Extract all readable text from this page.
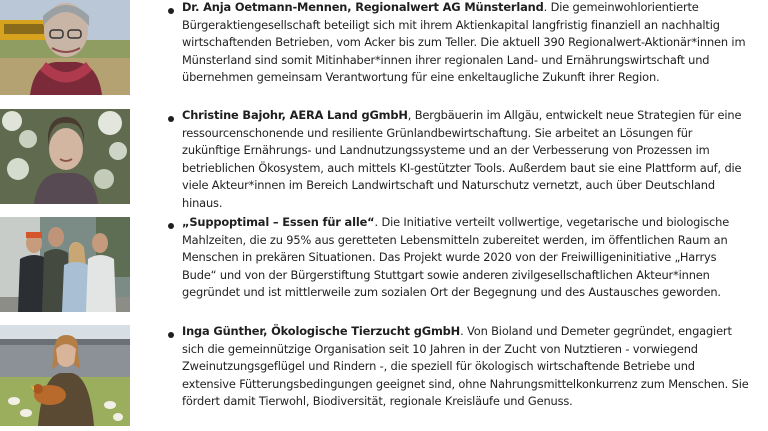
Dr. Anja Oetmann-Mennen, Regionalwert AG Münsterland. Die gemeinwohlorientierte Bürgeraktiengesellschaft beteiligt sich mit ihrem Aktienkapital langfristig finanziell an nachhaltig wirtschaftenden Betrieben, vom Acker bis zum Teller. Die aktuell 390 Regionalwert-Aktionär*innen im Münsterland sind somit Mitinhaber*innen ihrer regionalen Land- und Ernährungswirtschaft und übernehmen gemeinsam Verantwortung für eine enkeltaugliche Zukunft ihrer Region.

Christine Bajohr, AERA Land gGmbH, Bergbäuerin im Allgäu, entwickelt neue Strategien für eine ressourcenschonende und resiliente Grünlandbewirtschaftung. Sie arbeitet an Lösungen für zukünftige Ernährungs- und Landnutzungssysteme und an der Verbesserung von Prozessen im betrieblichen Ökosystem, auch mittels KI-gestützter Tools. Außerdem baut sie eine Plattform auf, die viele Akteur*innen im Bereich Landwirtschaft und Naturschutz vernetzt, auch über Deutschland hinaus.

„Suppoptimal – Essen für alle“. Die Initiative verteilt vollwertige, vegetarische und biologische Mahlzeiten, die zu 95% aus geretteten Lebensmitteln zubereitet werden, im öffentlichen Raum an Menschen in prekären Situationen. Das Projekt wurde 2020 von der Freiwilligeninitiative „Harrys Bude“ und von der Bürgerstiftung Stuttgart sowie anderen zivilgesellschaftlichen Akteur*innen gegründet und ist mittlerweile zum sozialen Ort der Begegnung und des Austausches geworden.

Inga Günther, Ökologische Tierzucht gGmbH. Von Bioland und Demeter gegründet, engagiert sich die gemeinnützige Organisation seit 10 Jahren in der Zucht von Nutztieren - vorwiegend Zweinutzungsgeflügel und Rindern -, die speziell für ökologisch wirtschaftende Betriebe und extensive Fütterungsbedingungen geeignet sind, ohne Nahrungsmittelkonkurrenz zum Menschen. Sie fördert damit Tierwohl, Biodiversität, regionale Kreisläufe und Genuss.
